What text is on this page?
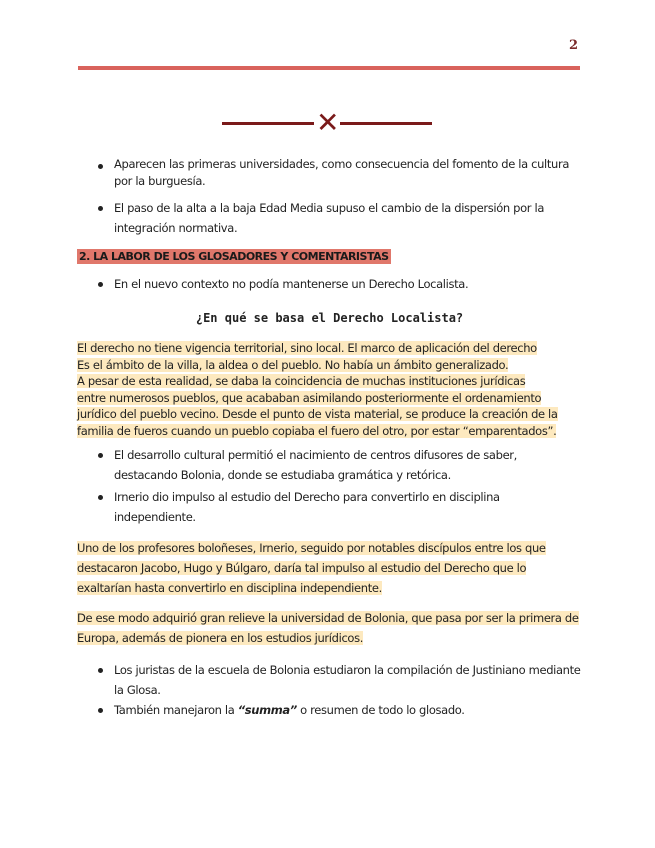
2
✕
Aparecen las primeras universidades, como consecuencia del fomento de la cultura por la burguesía.
El paso de la alta a la baja Edad Media supuso el cambio de la dispersión por la integración normativa.
2. LA LABOR DE LOS GLOSADORES Y COMENTARISTAS
En el nuevo contexto no podía mantenerse un Derecho Localista.
¿En qué se basa el Derecho Localista?
El derecho no tiene vigencia territorial, sino local. El marco de aplicación del derecho
Es el ámbito de la villa, la aldea o del pueblo. No había un ámbito generalizado.
A pesar de esta realidad, se daba la coincidencia de muchas instituciones jurídicas
entre numerosos pueblos, que acababan asimilando posteriormente el ordenamiento
jurídico del pueblo vecino. Desde el punto de vista material, se produce la creación de la
familia de fueros cuando un pueblo copiaba el fuero del otro, por estar “emparentados”.
El desarrollo cultural permitió el nacimiento de centros difusores de saber, destacando Bolonia, donde se estudiaba gramática y retórica.
Irnerio dio impulso al estudio del Derecho para convertirlo en disciplina independiente.
Uno de los profesores boloñeses, Irnerio, seguido por notables discípulos entre los que destacaron Jacobo, Hugo y Búlgaro, daría tal impulso al estudio del Derecho que lo exaltarían hasta convertirlo en disciplina independiente.
De ese modo adquirió gran relieve la universidad de Bolonia, que pasa por ser la primera de Europa, además de pionera en los estudios jurídicos.
Los juristas de la escuela de Bolonia estudiaron la compilación de Justiniano mediante la Glosa.
También manejaron la “summa” o resumen de todo lo glosado.
